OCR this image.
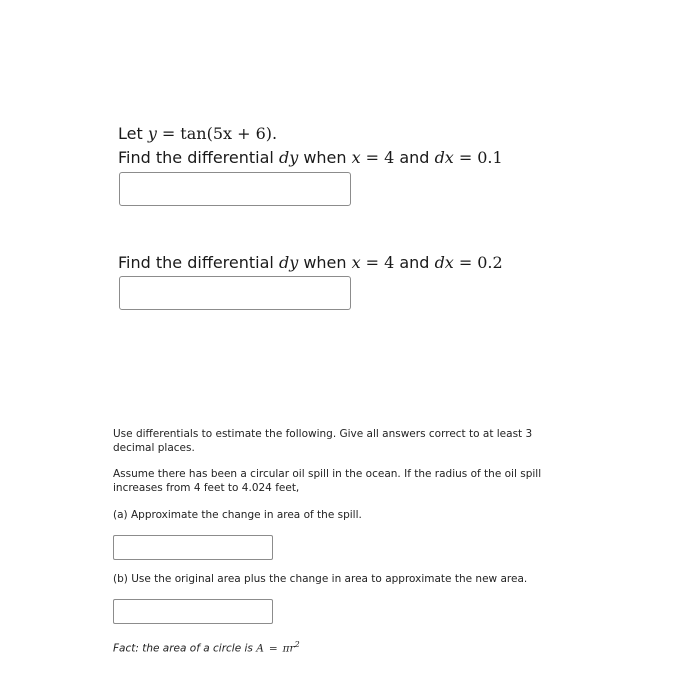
Let y = tan(5x + 6).
Find the differential dy when x = 4 and dx = 0.1
Find the differential dy when x = 4 and dx = 0.2
Use differentials to estimate the following. Give all answers correct to at least 3 decimal places.
Assume there has been a circular oil spill in the ocean. If the radius of the oil spill increases from 4 feet to 4.024 feet,
(a) Approximate the change in area of the spill.
(b) Use the original area plus the change in area to approximate the new area.
Fact: the area of a circle is $A = \pi r^2$
